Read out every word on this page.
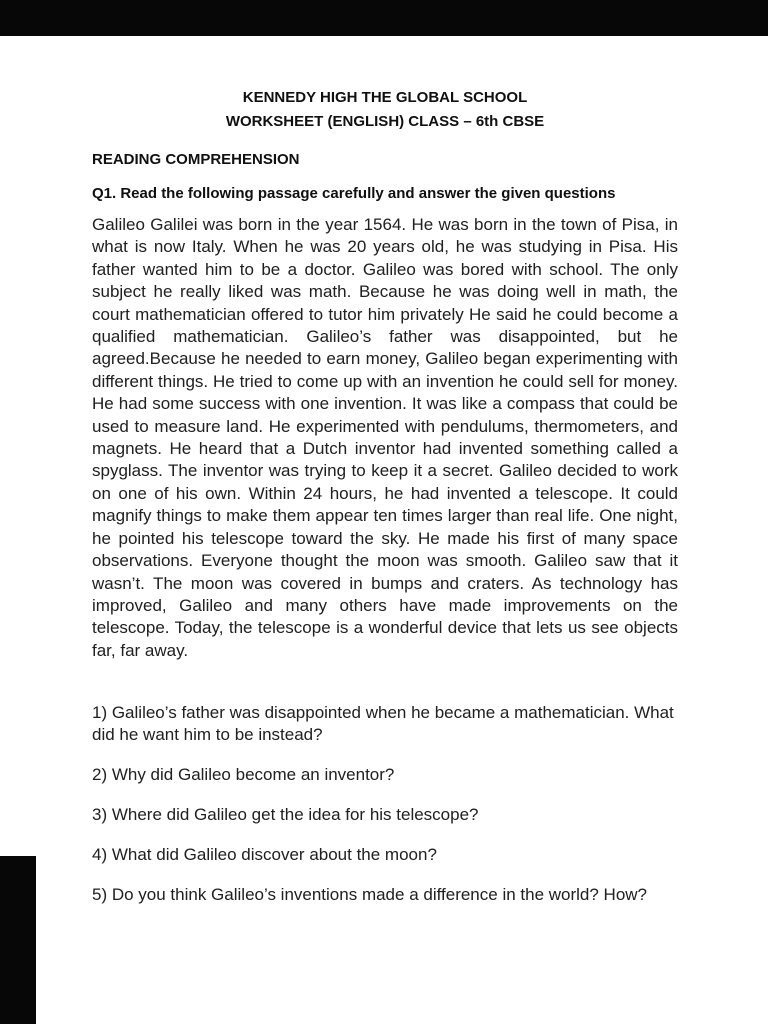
KENNEDY HIGH THE GLOBAL SCHOOL
WORKSHEET (ENGLISH) CLASS – 6th CBSE
READING COMPREHENSION
Q1. Read the following passage carefully and answer the given questions

Galileo Galilei was born in the year 1564. He was born in the town of Pisa, in what is now Italy. When he was 20 years old, he was studying in Pisa. His father wanted him to be a doctor. Galileo was bored with school. The only subject he really liked was math. Because he was doing well in math, the court mathematician offered to tutor him privately He said he could become a qualified mathematician. Galileo’s father was disappointed, but he agreed.Because he needed to earn money, Galileo began experimenting with different things. He tried to come up with an invention he could sell for money. He had some success with one invention. It was like a compass that could be used to measure land. He experimented with pendulums, thermometers, and magnets. He heard that a Dutch inventor had invented something called a spyglass. The inventor was trying to keep it a secret. Galileo decided to work on one of his own. Within 24 hours, he had invented a telescope. It could magnify things to make them appear ten times larger than real life. One night, he pointed his telescope toward the sky. He made his first of many space observations. Everyone thought the moon was smooth. Galileo saw that it wasn’t. The moon was covered in bumps and craters. As technology has improved, Galileo and many others have made improvements on the telescope. Today, the telescope is a wonderful device that lets us see objects far, far away.

1) Galileo’s father was disappointed when he became a mathematician. What did he want him to be instead?

2) Why did Galileo become an inventor?

3) Where did Galileo get the idea for his telescope?

4) What did Galileo discover about the moon?

5) Do you think Galileo’s inventions made a difference in the world? How?
